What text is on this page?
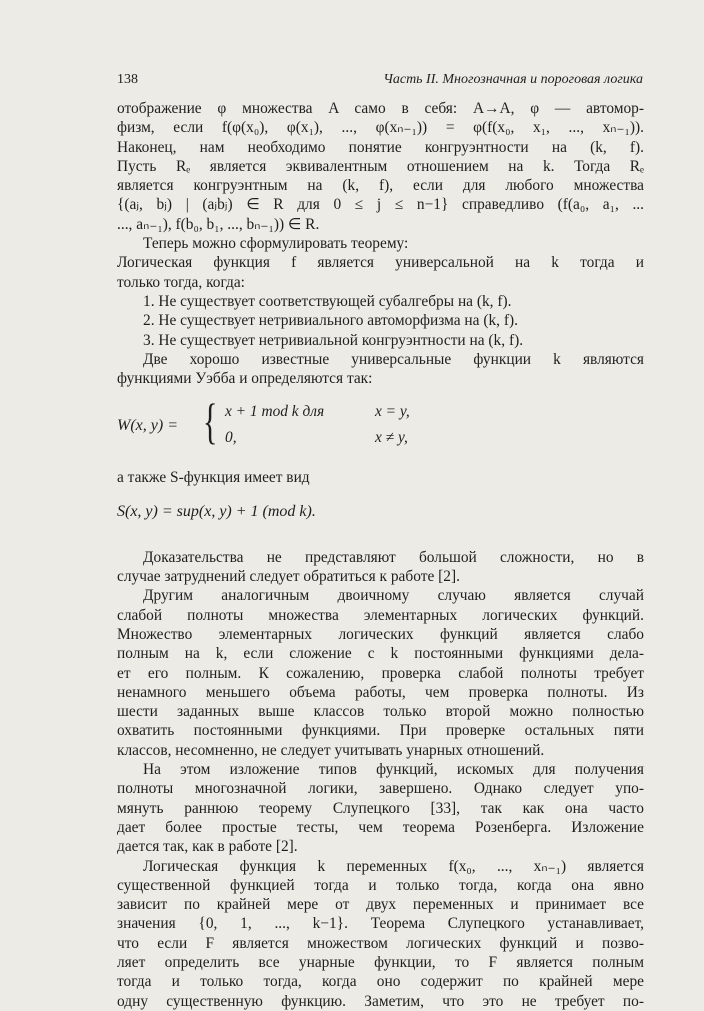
138	Часть II. Многозначная и пороговая логика
отображение φ множества A само в себя: A→A, φ — автомор-
физм, если f(φ(x₀), φ(x₁), ..., φ(xₙ₋₁)) = φ(f(x₀, x₁, ..., xₙ₋₁)).
Наконец, нам необходимо понятие конгруэнтности на (k, f).
Пусть Rₑ является эквивалентным отношением на k. Тогда Rₑ
является конгруэнтным на (k, f), если для любого множества
{(aⱼ, bⱼ) | (aⱼbⱼ) ∈ R для 0 ≤ j ≤ n−1} справедливо (f(a₀, a₁, ...
..., aₙ₋₁), f(b₀, b₁, ..., bₙ₋₁)) ∈ R.
Теперь можно сформулировать теорему:
Логическая функция f является универсальной на k тогда и
только тогда, когда:
1. Не существует соответствующей субалгебры на (k, f).
2. Не существует нетривиального автоморфизма на (k, f).
3. Не существует нетривиальной конгруэнтности на (k, f).
Две хорошо известные универсальные функции k являются
функциями Уэбба и определяются так:
W(x, y) = { x + 1 mod k для	x = y,
0,	x ≠ y,
а также S-функция имеет вид
S(x, y) = sup(x, y) + 1 (mod k).
Доказательства не представляют большой сложности, но в
случае затруднений следует обратиться к работе [2].
Другим аналогичным двоичному случаю является случай
слабой полноты множества элементарных логических функций.
Множество элементарных логических функций является слабо
полным на k, если сложение с k постоянными функциями дела-
ет его полным. К сожалению, проверка слабой полноты требует
ненамного меньшего объема работы, чем проверка полноты. Из
шести заданных выше классов только второй можно полностью
охватить постоянными функциями. При проверке остальных пяти
классов, несомненно, не следует учитывать унарных отношений.
На этом изложение типов функций, искомых для получения
полноты многозначной логики, завершено. Однако следует упо-
мянуть раннюю теорему Слупецкого [33], так как она часто
дает более простые тесты, чем теорема Розенберга. Изложение
дается так, как в работе [2].
Логическая функция k переменных f(x₀, ..., xₙ₋₁) является
существенной функцией тогда и только тогда, когда она явно
зависит по крайней мере от двух переменных и принимает все
значения {0, 1, ..., k−1}. Теорема Слупецкого устанавливает,
что если F является множеством логических функций и позво-
ляет определить все унарные функции, то F является полным
тогда и только тогда, когда оно содержит по крайней мере
одну существенную функцию. Заметим, что это не требует по-
